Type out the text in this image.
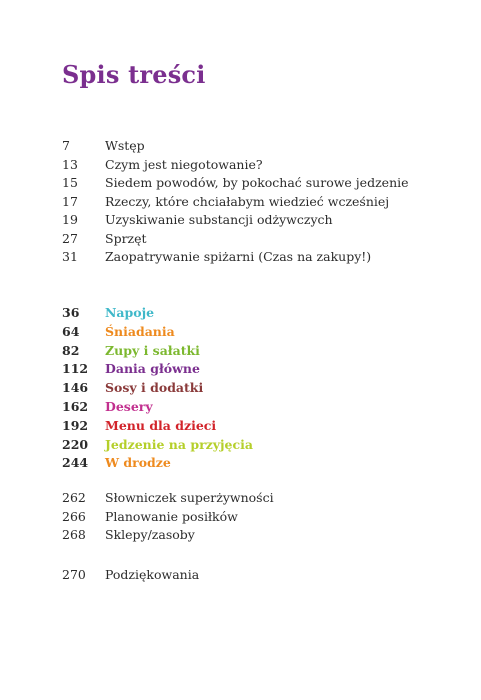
Spis treści
7	Wstęp
13	Czym jest niegotowanie?
15	Siedem powodów, by pokochać surowe jedzenie
17	Rzeczy, które chciałabym wiedzieć wcześniej
19	Uzyskiwanie substancji odżywczych
27	Sprzęt
31	Zaopatrywanie spiżarni (Czas na zakupy!)
36	Napoje
64	Śniadania
82	Zupy i sałatki
112	Dania główne
146	Sosy i dodatki
162	Desery
192	Menu dla dzieci
220	Jedzenie na przyjęcia
244	W drodze
262	Słowniczek superżywności
266	Planowanie posiłków
268	Sklepy/zasoby
270	Podziękowania
